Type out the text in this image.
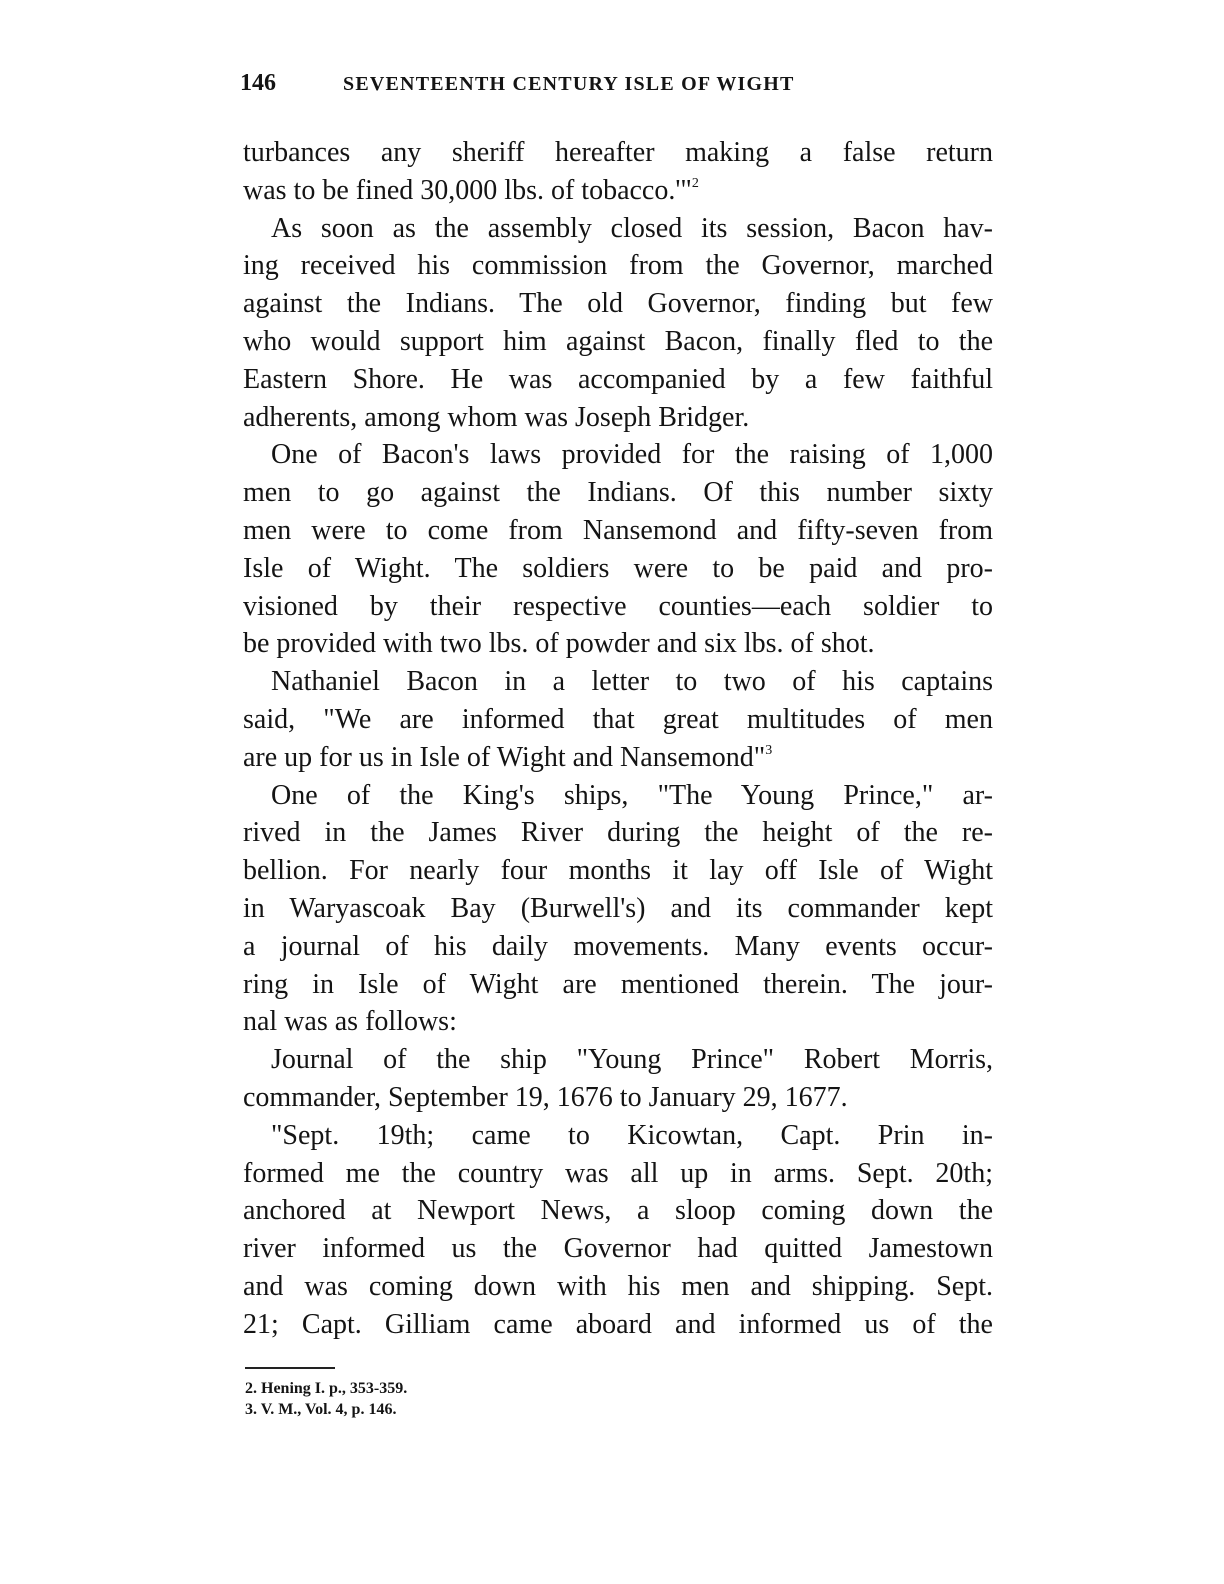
146	SEVENTEENTH CENTURY ISLE OF WIGHT
turbances any sheriff hereafter making a false return
was to be fined 30,000 lbs. of tobacco.'"$^2$
As soon as the assembly closed its session, Bacon hav-
ing received his commission from the Governor, marched
against the Indians. The old Governor, finding but few
who would support him against Bacon, finally fled to the
Eastern Shore. He was accompanied by a few faithful
adherents, among whom was Joseph Bridger.
One of Bacon's laws provided for the raising of 1,000
men to go against the Indians. Of this number sixty
men were to come from Nansemond and fifty-seven from
Isle of Wight. The soldiers were to be paid and pro-
visioned by their respective counties—each soldier to
be provided with two lbs. of powder and six lbs. of shot.
Nathaniel Bacon in a letter to two of his captains
said, "We are informed that great multitudes of men
are up for us in Isle of Wight and Nansemond"$^3$
One of the King's ships, "The Young Prince," ar-
rived in the James River during the height of the re-
bellion. For nearly four months it lay off Isle of Wight
in Waryascoak Bay (Burwell's) and its commander kept
a journal of his daily movements. Many events occur-
ring in Isle of Wight are mentioned therein. The jour-
nal was as follows:
Journal of the ship "Young Prince" Robert Morris,
commander, September 19, 1676 to January 29, 1677.
"Sept. 19th; came to Kicowtan, Capt. Prin in-
formed me the country was all up in arms. Sept. 20th;
anchored at Newport News, a sloop coming down the
river informed us the Governor had quitted Jamestown
and was coming down with his men and shipping. Sept.
21; Capt. Gilliam came aboard and informed us of the
2. Hening I. p., 353-359.
3. V. M., Vol. 4, p. 146.
